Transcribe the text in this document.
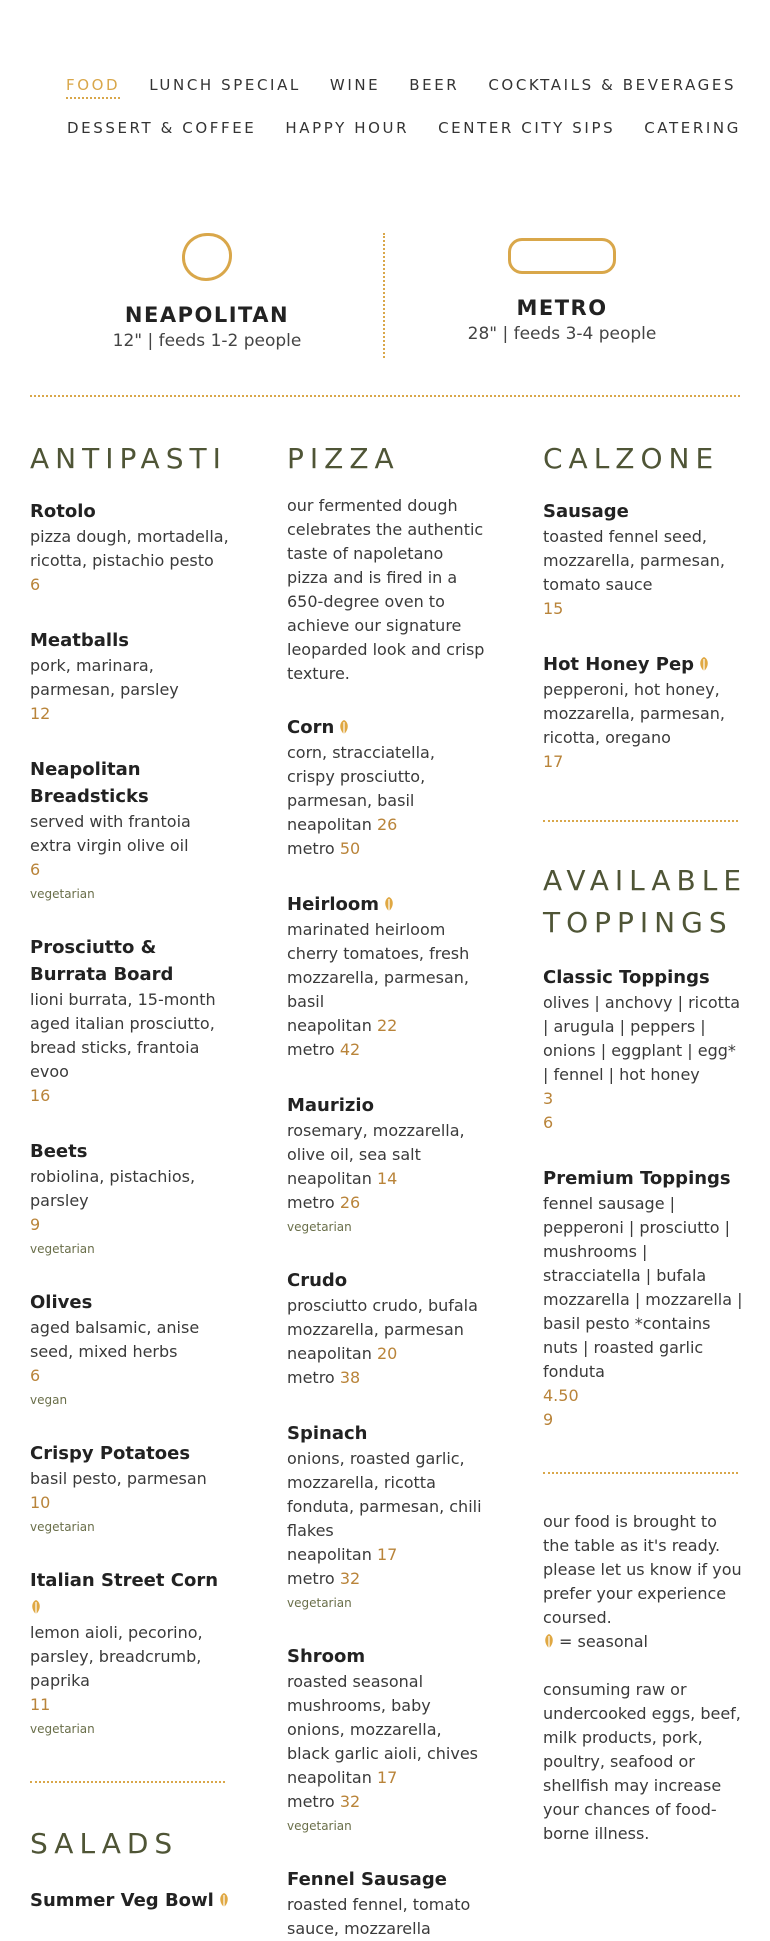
FOOD LUNCH SPECIAL WINE BEER COCKTAILS & BEVERAGES
DESSERT & COFFEE HAPPY HOUR CENTER CITY SIPS CATERING
NEAPOLITAN
12" | feeds 1-2 people
METRO
28" | feeds 3-4 people
ANTIPASTI
Rotolo
pizza dough, mortadella, ricotta, pistachio pesto
6
Meatballs
pork, marinara, parmesan, parsley
12
Neapolitan Breadsticks
served with frantoia extra virgin olive oil
6
vegetarian
Prosciutto & Burrata Board
lioni burrata, 15-month aged italian prosciutto, bread sticks, frantoia evoo
16
Beets
robiolina, pistachios, parsley
9
vegetarian
Olives
aged balsamic, anise seed, mixed herbs
6
vegan
Crispy Potatoes
basil pesto, parmesan
10
vegetarian
Italian Street Corn

lemon aioli, pecorino, parsley, breadcrumb, paprika
11
vegetarian
SALADS
Summer Veg Bowl
PIZZA
our fermented dough celebrates the authentic taste of napoletano pizza and is fired in a 650-degree oven to achieve our signature leoparded look and crisp texture.
Corn
corn, stracciatella, crispy prosciutto, parmesan, basil
neapolitan 26
metro 50
Heirloom
marinated heirloom cherry tomatoes, fresh mozzarella, parmesan, basil
neapolitan 22
metro 42
Maurizio
rosemary, mozzarella, olive oil, sea salt
neapolitan 14
metro 26
vegetarian
Crudo
prosciutto crudo, bufala mozzarella, parmesan
neapolitan 20
metro 38
Spinach
onions, roasted garlic, mozzarella, ricotta fonduta, parmesan, chili flakes
neapolitan 17
metro 32
vegetarian
Shroom
roasted seasonal mushrooms, baby onions, mozzarella, black garlic aioli, chives
neapolitan 17
metro 32
vegetarian
Fennel Sausage
roasted fennel, tomato sauce, mozzarella
CALZONE
Sausage
toasted fennel seed, mozzarella, parmesan, tomato sauce
15
Hot Honey Pep
pepperoni, hot honey, mozzarella, parmesan, ricotta, oregano
17
AVAILABLE TOPPINGS
Classic Toppings
olives | anchovy | ricotta | arugula | peppers | onions | eggplant | egg* | fennel | hot honey
3
6
Premium Toppings
fennel sausage | pepperoni | prosciutto | mushrooms | stracciatella | bufala mozzarella | mozzarella | basil pesto *contains nuts | roasted garlic fonduta
4.50
9
our food is brought to the table as it's ready. please let us know if you prefer your experience coursed.
= seasonal
consuming raw or undercooked eggs, beef, milk products, pork, poultry, seafood or shellfish may increase your chances of food-borne illness.
